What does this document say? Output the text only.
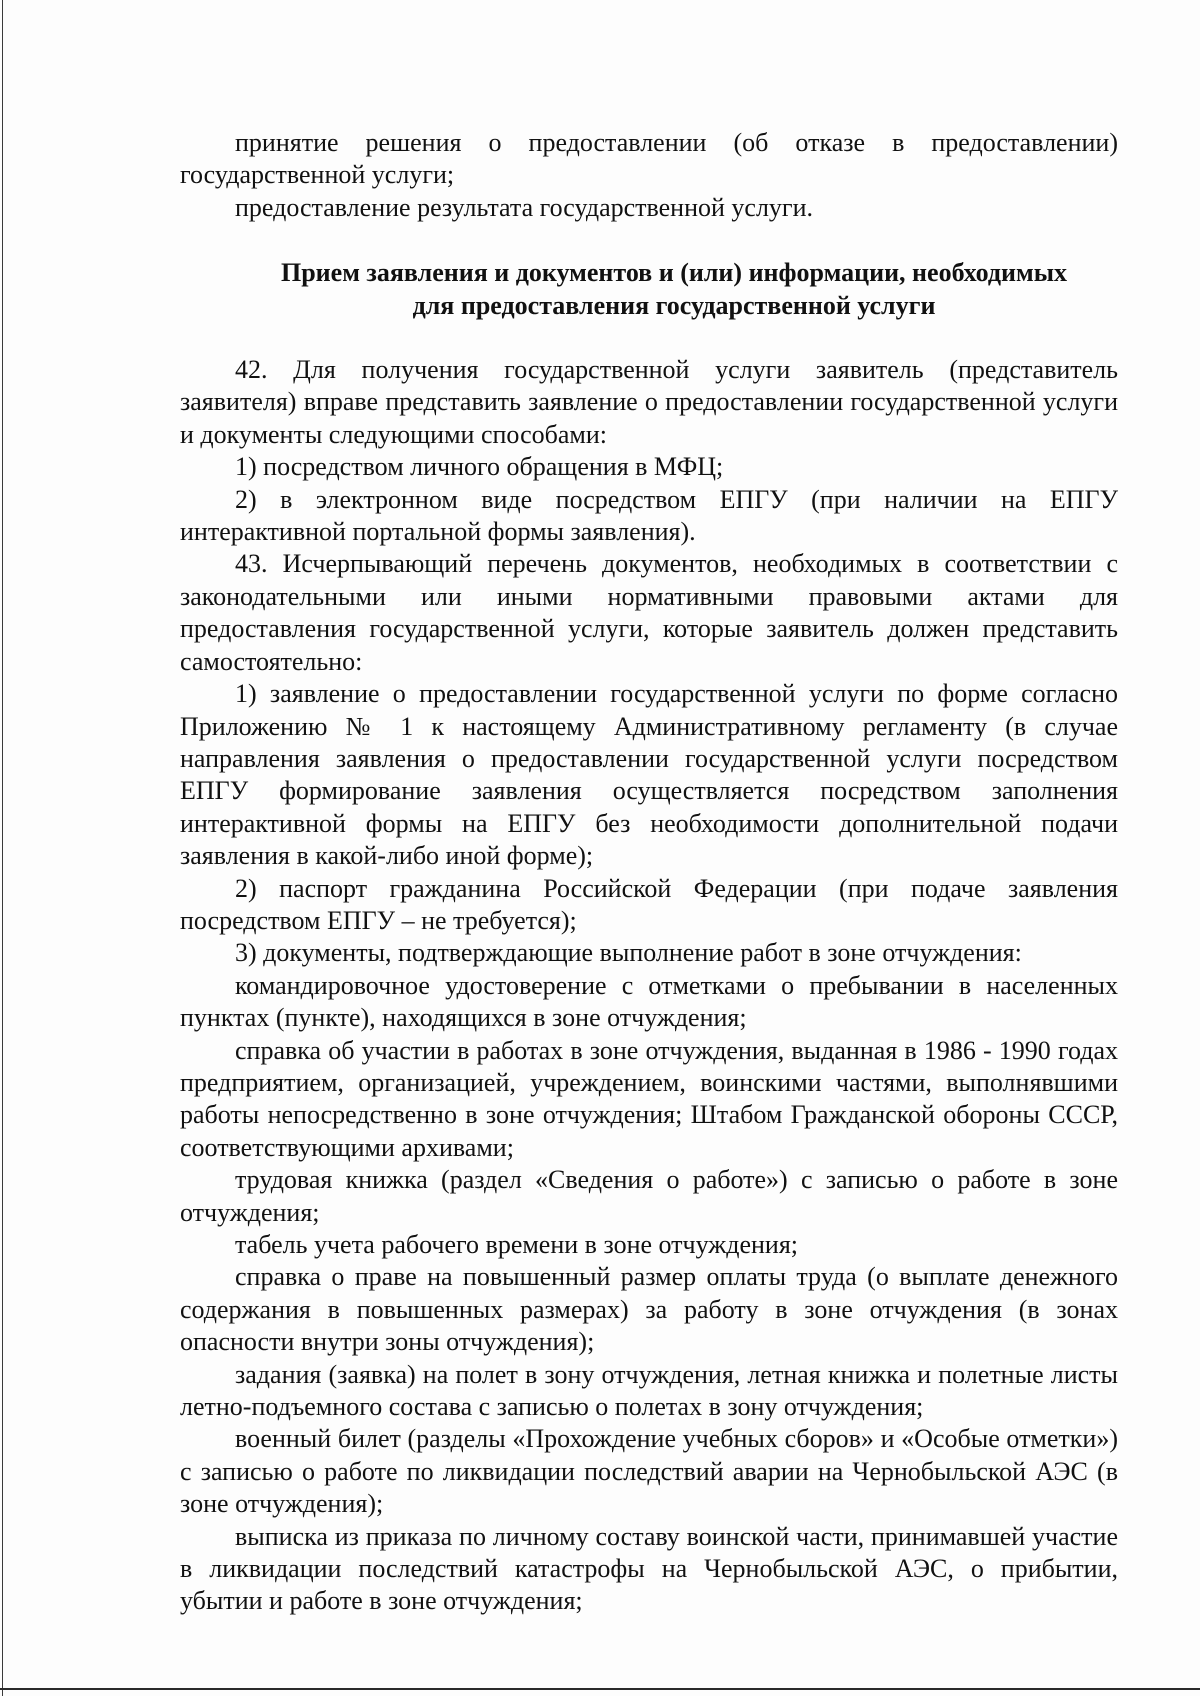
принятие решения о предоставлении (об отказе в предоставлении) государственной услуги;

предоставление результата государственной услуги.

Прием заявления и документов и (или) информации, необходимых
для предоставления государственной услуги

42. Для получения государственной услуги заявитель (представитель заявителя) вправе представить заявление о предоставлении государственной услуги и документы следующими способами:

1) посредством личного обращения в МФЦ;

2) в электронном виде посредством ЕПГУ (при наличии на ЕПГУ интерактивной портальной формы заявления).

43. Исчерпывающий перечень документов, необходимых в соответствии с законодательными или иными нормативными правовыми актами для предоставления государственной услуги, которые заявитель должен представить самостоятельно:

1) заявление о предоставлении государственной услуги по форме согласно Приложению № 1 к настоящему Административному регламенту (в случае направления заявления о предоставлении государственной услуги посредством ЕПГУ формирование заявления осуществляется посредством заполнения интерактивной формы на ЕПГУ без необходимости дополнительной подачи заявления в какой-либо иной форме);

2) паспорт гражданина Российской Федерации (при подаче заявления посредством ЕПГУ – не требуется);

3) документы, подтверждающие выполнение работ в зоне отчуждения:

командировочное удостоверение с отметками о пребывании в населенных пунктах (пункте), находящихся в зоне отчуждения;

справка об участии в работах в зоне отчуждения, выданная в 1986 - 1990 годах предприятием, организацией, учреждением, воинскими частями, выполнявшими работы непосредственно в зоне отчуждения; Штабом Гражданской обороны СССР, соответствующими архивами;

трудовая книжка (раздел «Сведения о работе») с записью о работе в зоне отчуждения;

табель учета рабочего времени в зоне отчуждения;

справка о праве на повышенный размер оплаты труда (о выплате денежного содержания в повышенных размерах) за работу в зоне отчуждения (в зонах опасности внутри зоны отчуждения);

задания (заявка) на полет в зону отчуждения, летная книжка и полетные листы летно-подъемного состава с записью о полетах в зону отчуждения;

военный билет (разделы «Прохождение учебных сборов» и «Особые отметки») с записью о работе по ликвидации последствий аварии на Чернобыльской АЭС (в зоне отчуждения);

выписка из приказа по личному составу воинской части, принимавшей участие в ликвидации последствий катастрофы на Чернобыльской АЭС, о прибытии, убытии и работе в зоне отчуждения;
